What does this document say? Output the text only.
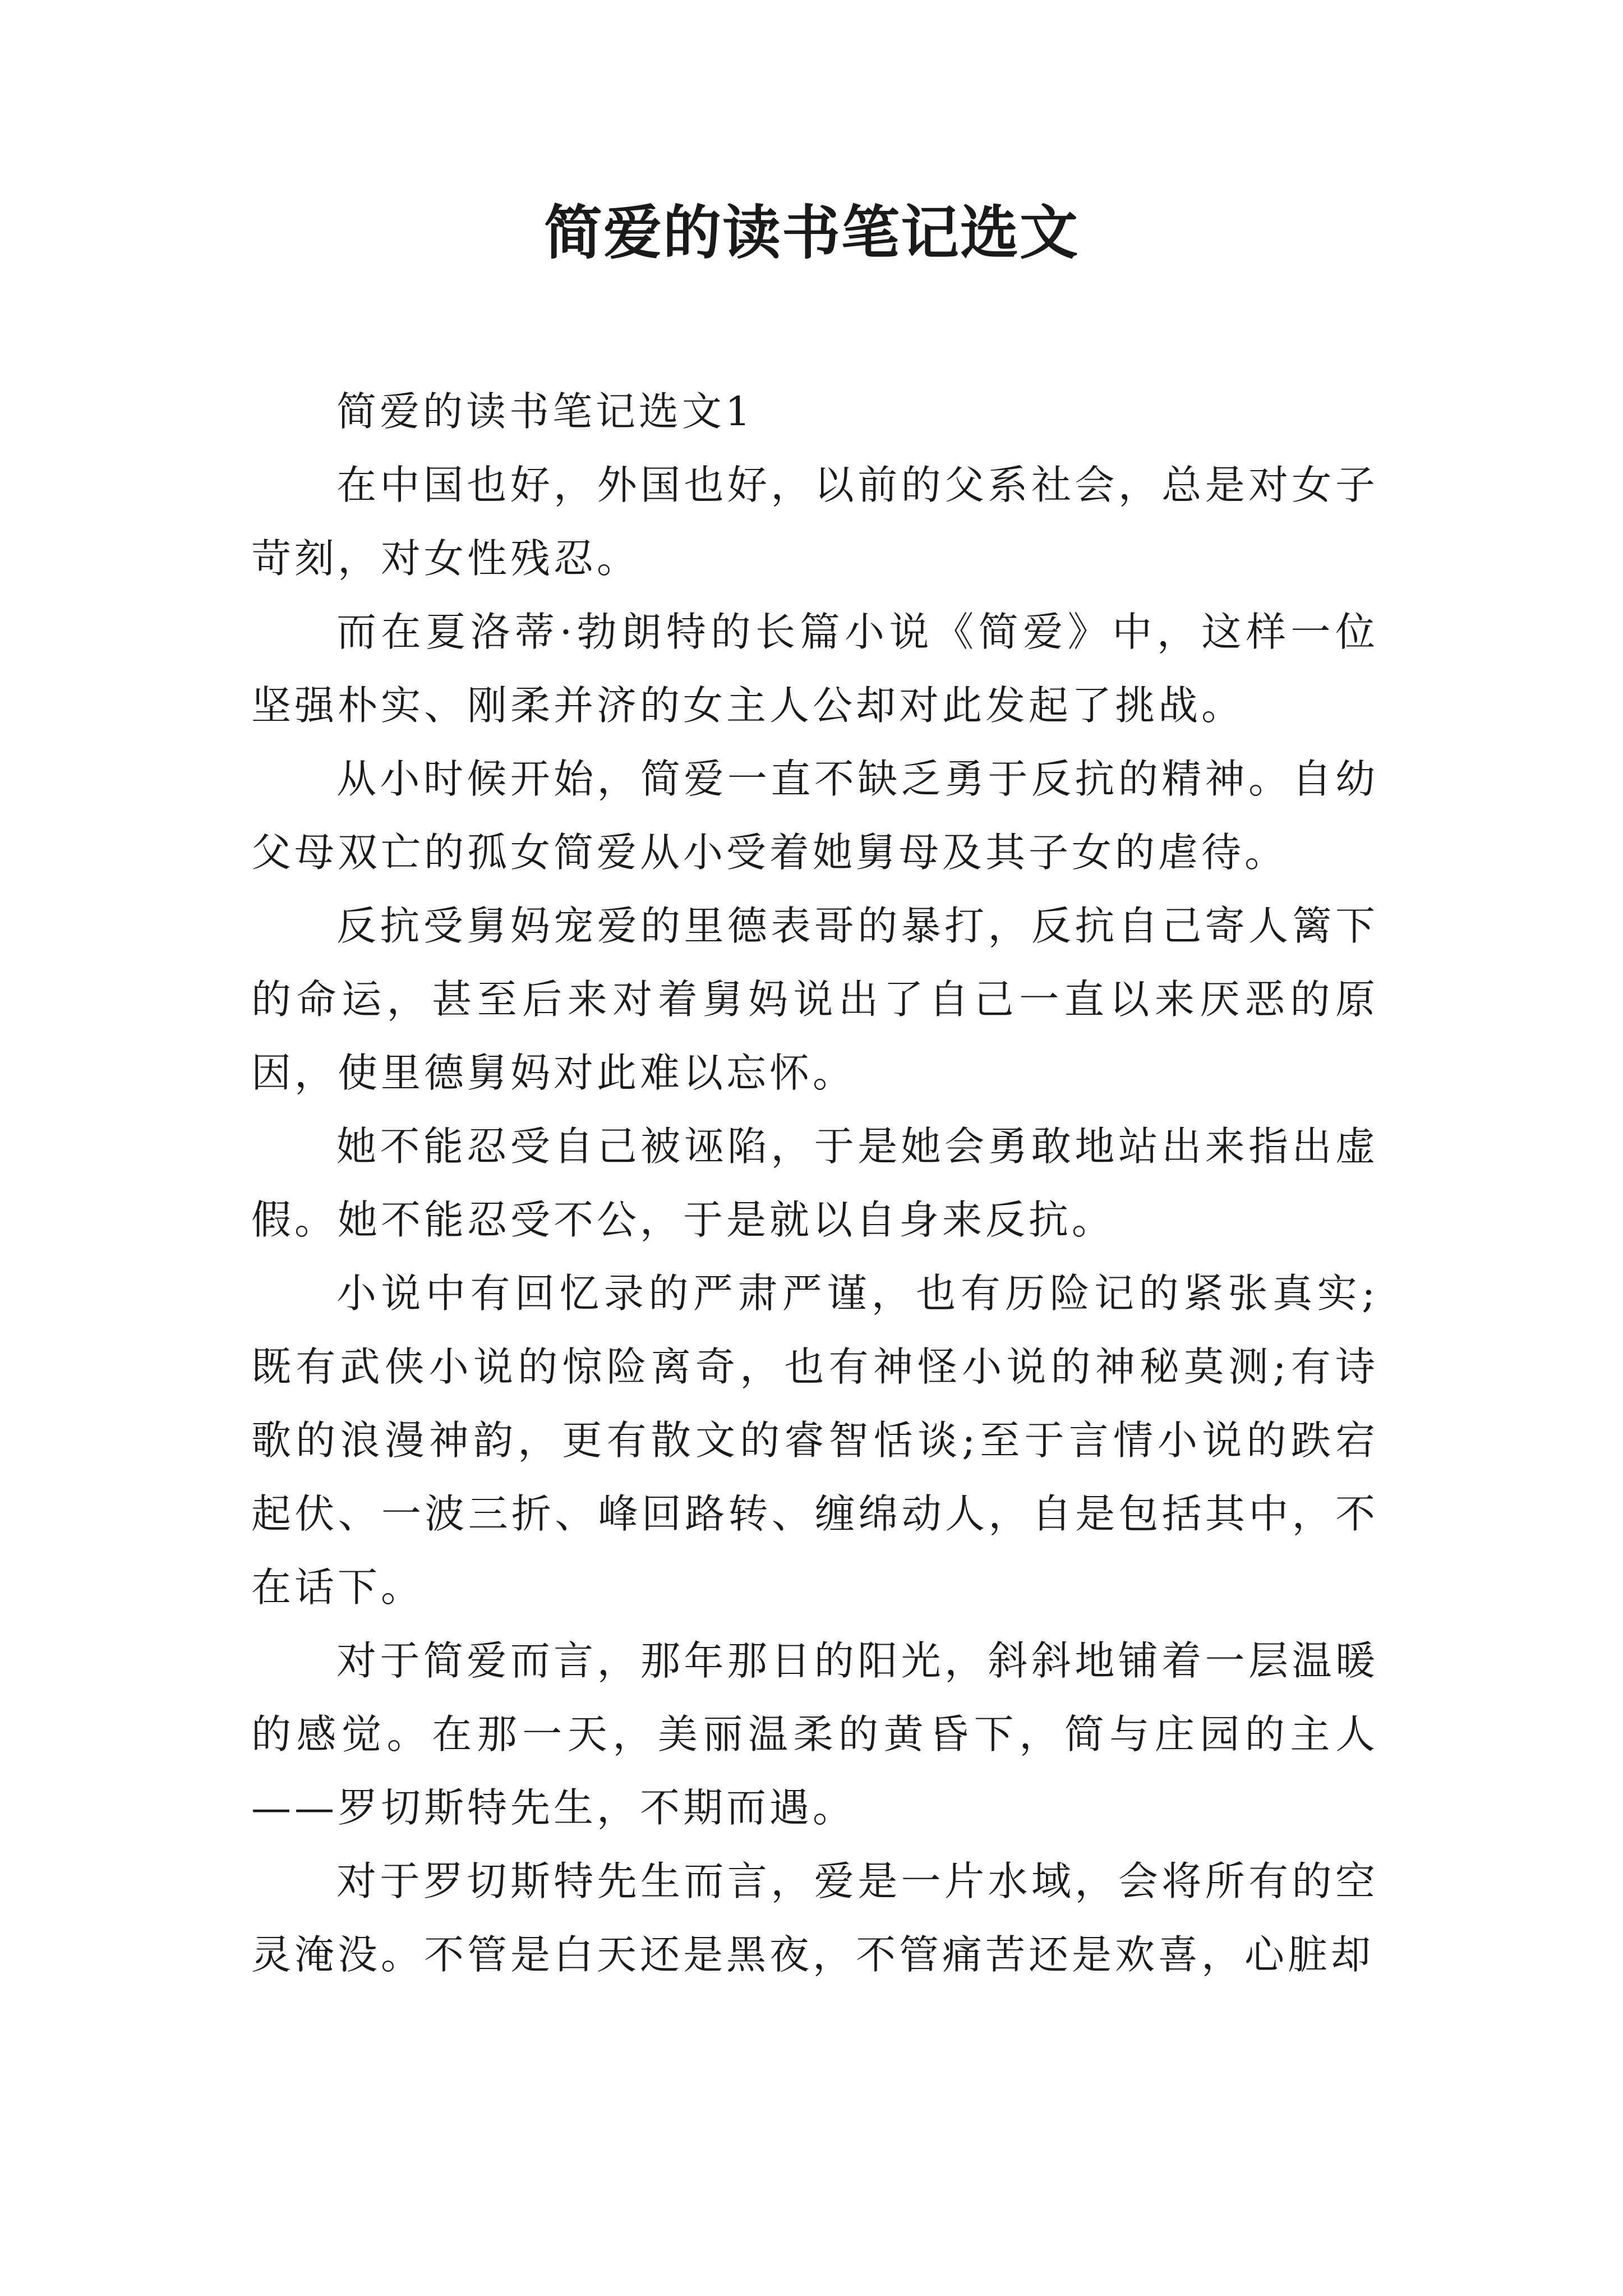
简爱的读书笔记选文

简爱的读书笔记选文1

在中国也好，外国也好，以前的父系社会，总是对女子苛刻，对女性残忍。

而在夏洛蒂·勃朗特的长篇小说《简爱》中，这样一位坚强朴实、刚柔并济的女主人公却对此发起了挑战。

从小时候开始，简爱一直不缺乏勇于反抗的精神。自幼父母双亡的孤女简爱从小受着她舅母及其子女的虐待。

反抗受舅妈宠爱的里德表哥的暴打，反抗自己寄人篱下的命运，甚至后来对着舅妈说出了自己一直以来厌恶的原因，使里德舅妈对此难以忘怀。

她不能忍受自己被诬陷，于是她会勇敢地站出来指出虚假。她不能忍受不公，于是就以自身来反抗。

小说中有回忆录的严肃严谨，也有历险记的紧张真实;既有武侠小说的惊险离奇，也有神怪小说的神秘莫测;有诗歌的浪漫神韵，更有散文的睿智恬谈;至于言情小说的跌宕起伏、一波三折、峰回路转、缠绵动人，自是包括其中，不在话下。

对于简爱而言，那年那日的阳光，斜斜地铺着一层温暖的感觉。在那一天，美丽温柔的黄昏下，简与庄园的主人——罗切斯特先生，不期而遇。

对于罗切斯特先生而言，爱是一片水域，会将所有的空灵淹没。不管是白天还是黑夜，不管痛苦还是欢喜，心脏却
